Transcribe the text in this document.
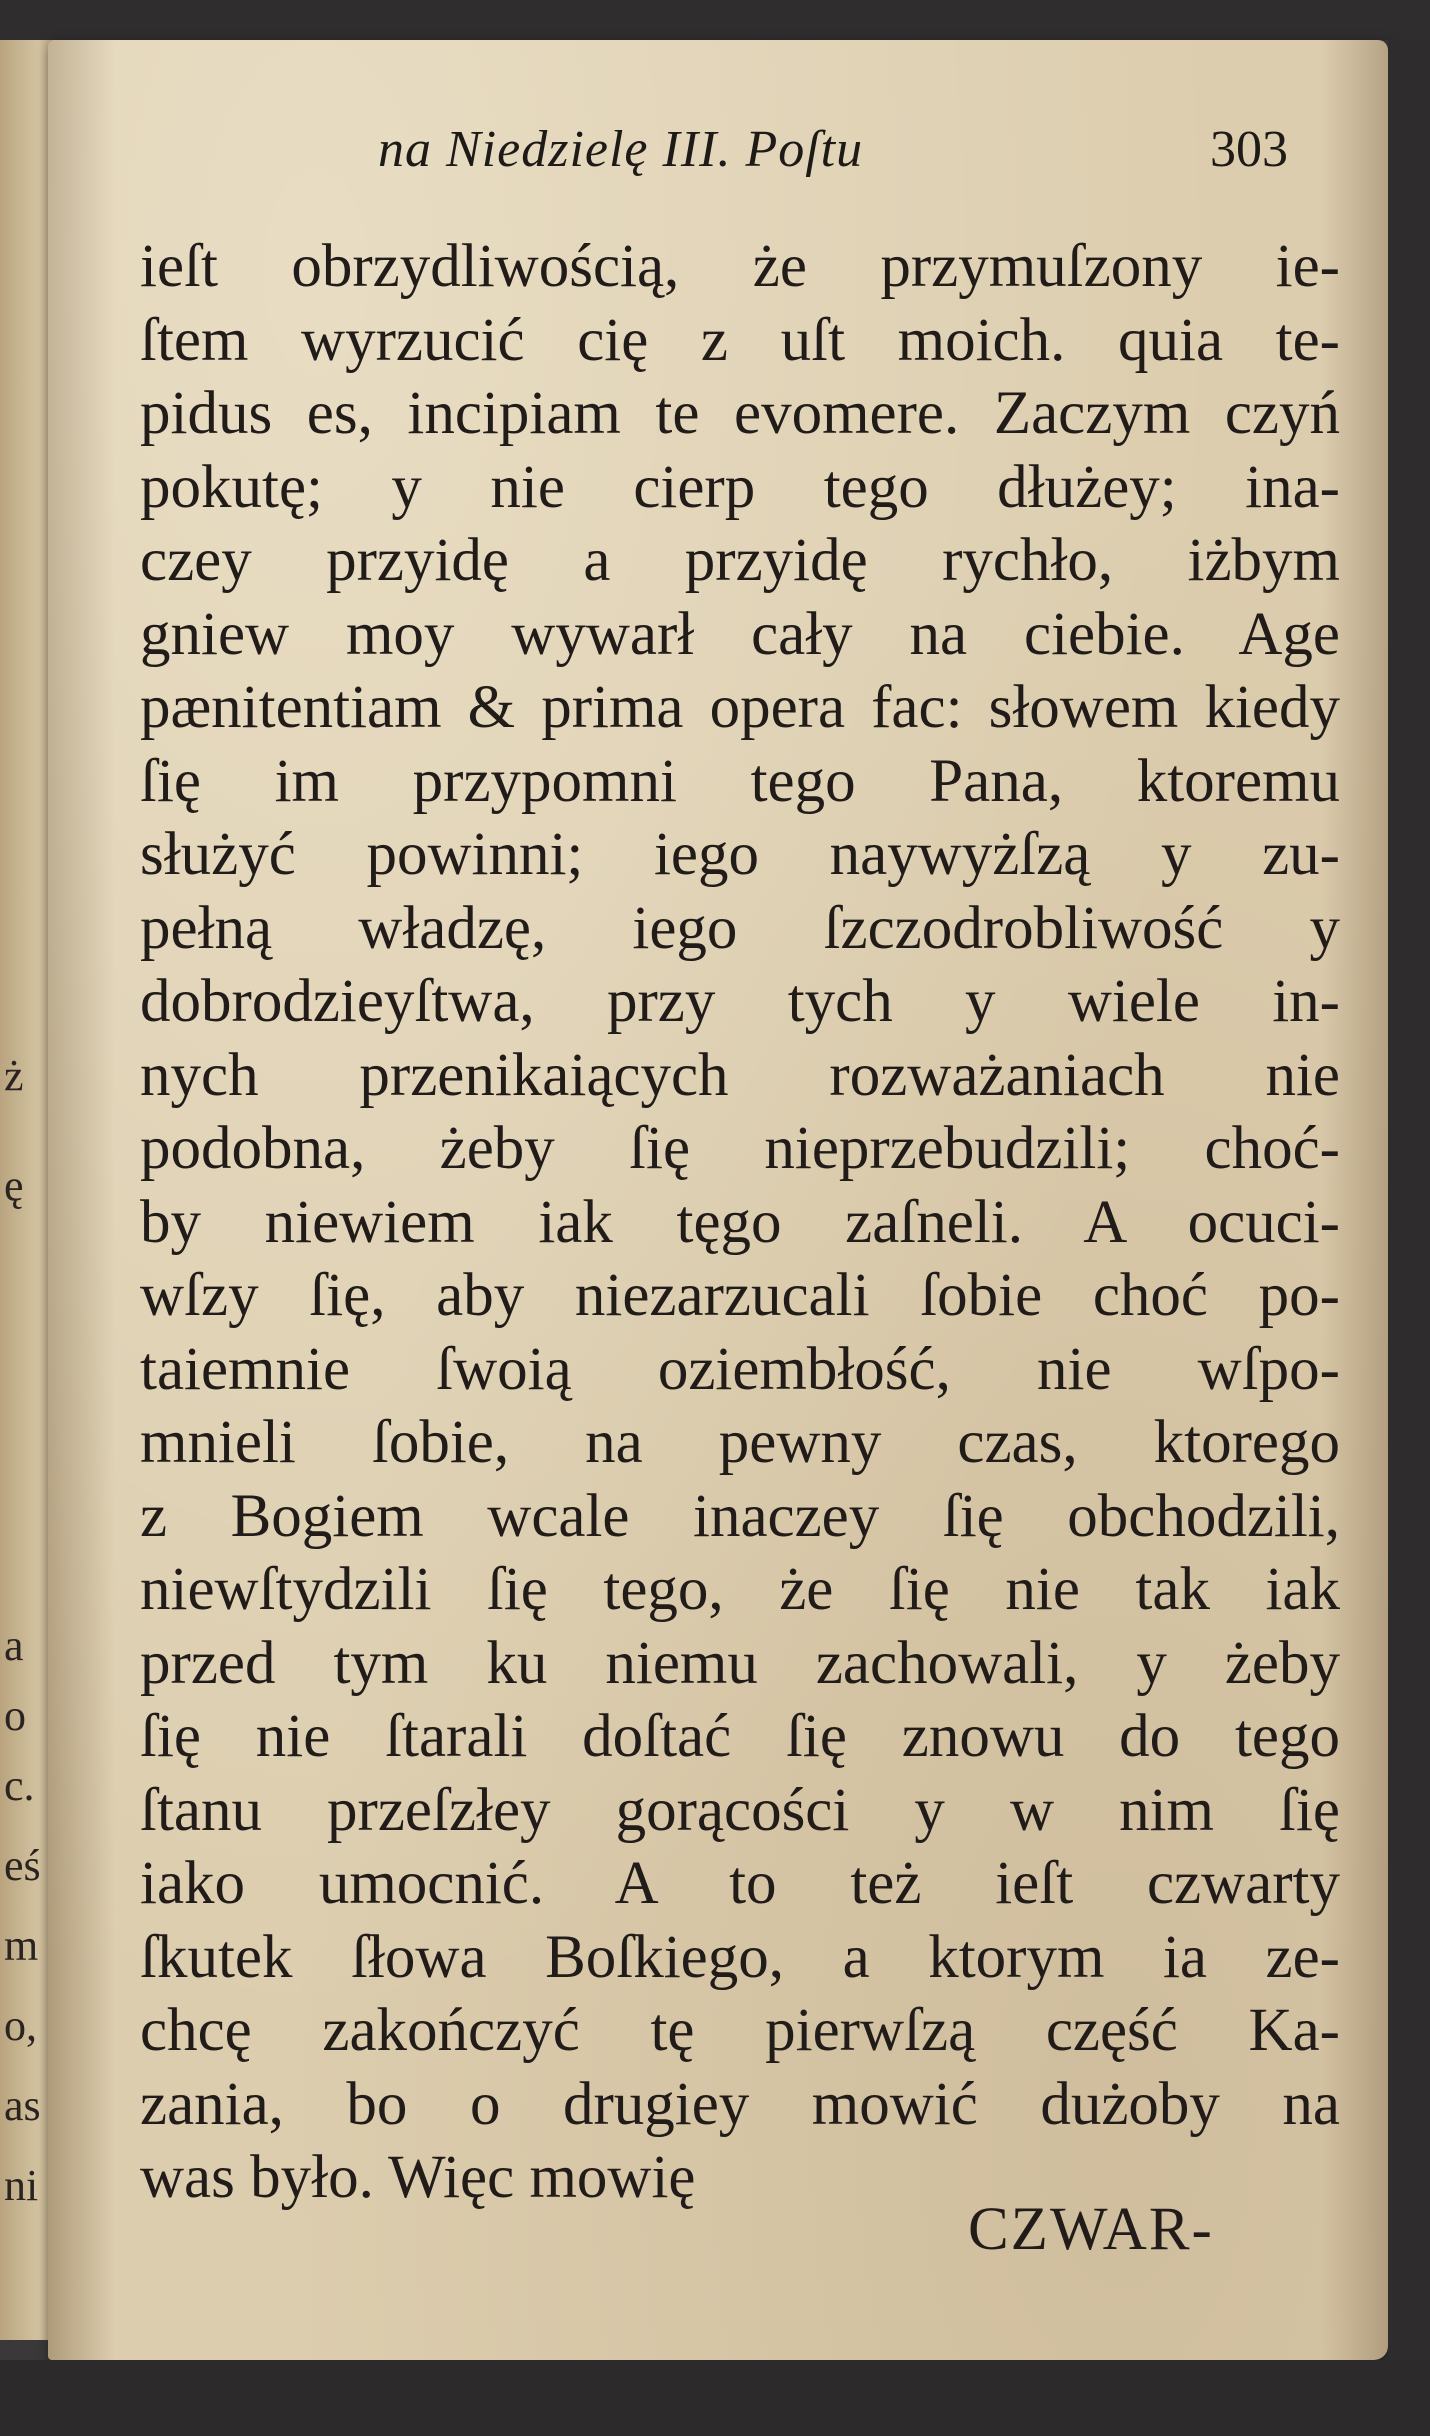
ż
ę
a
o
c.
eś
m
o,
as
ni
na Niedzielę III. Poſtu	303
ieſt obrzydliwością, że przymuſzony ie-
ſtem wyrzucić cię z uſt moich. quia te-
pidus es, incipiam te evomere. Zaczym czyń
pokutę; y nie cierp tego dłużey; ina-
czey przyidę a przyidę rychło, iżbym
gniew moy wywarł cały na ciebie. Age
pænitentiam & prima opera fac: słowem kiedy
ſię im przypomni tego Pana, ktoremu
służyć powinni; iego naywyżſzą y zu-
pełną władzę, iego ſzczodrobliwość y
dobrodzieyſtwa, przy tych y wiele in-
nych przenikaiących rozważaniach nie
podobna, żeby ſię nieprzebudzili; choć-
by niewiem iak tęgo zaſneli. A ocuci-
wſzy ſię, aby niezarzucali ſobie choć po-
taiemnie ſwoią oziembłość, nie wſpo-
mnieli ſobie, na pewny czas, ktorego
z Bogiem wcale inaczey ſię obchodzili,
niewſtydzili ſię tego, że ſię nie tak iak
przed tym ku niemu zachowali, y żeby
ſię nie ſtarali doſtać ſię znowu do tego
ſtanu przeſzłey gorącości y w nim ſię
iako umocnić. A to też ieſt czwarty
ſkutek ſłowa Boſkiego, a ktorym ia ze-
chcę zakończyć tę pierwſzą część Ka-
zania, bo o drugiey mowić dużoby na
was było. Więc mowię
CZWAR-
